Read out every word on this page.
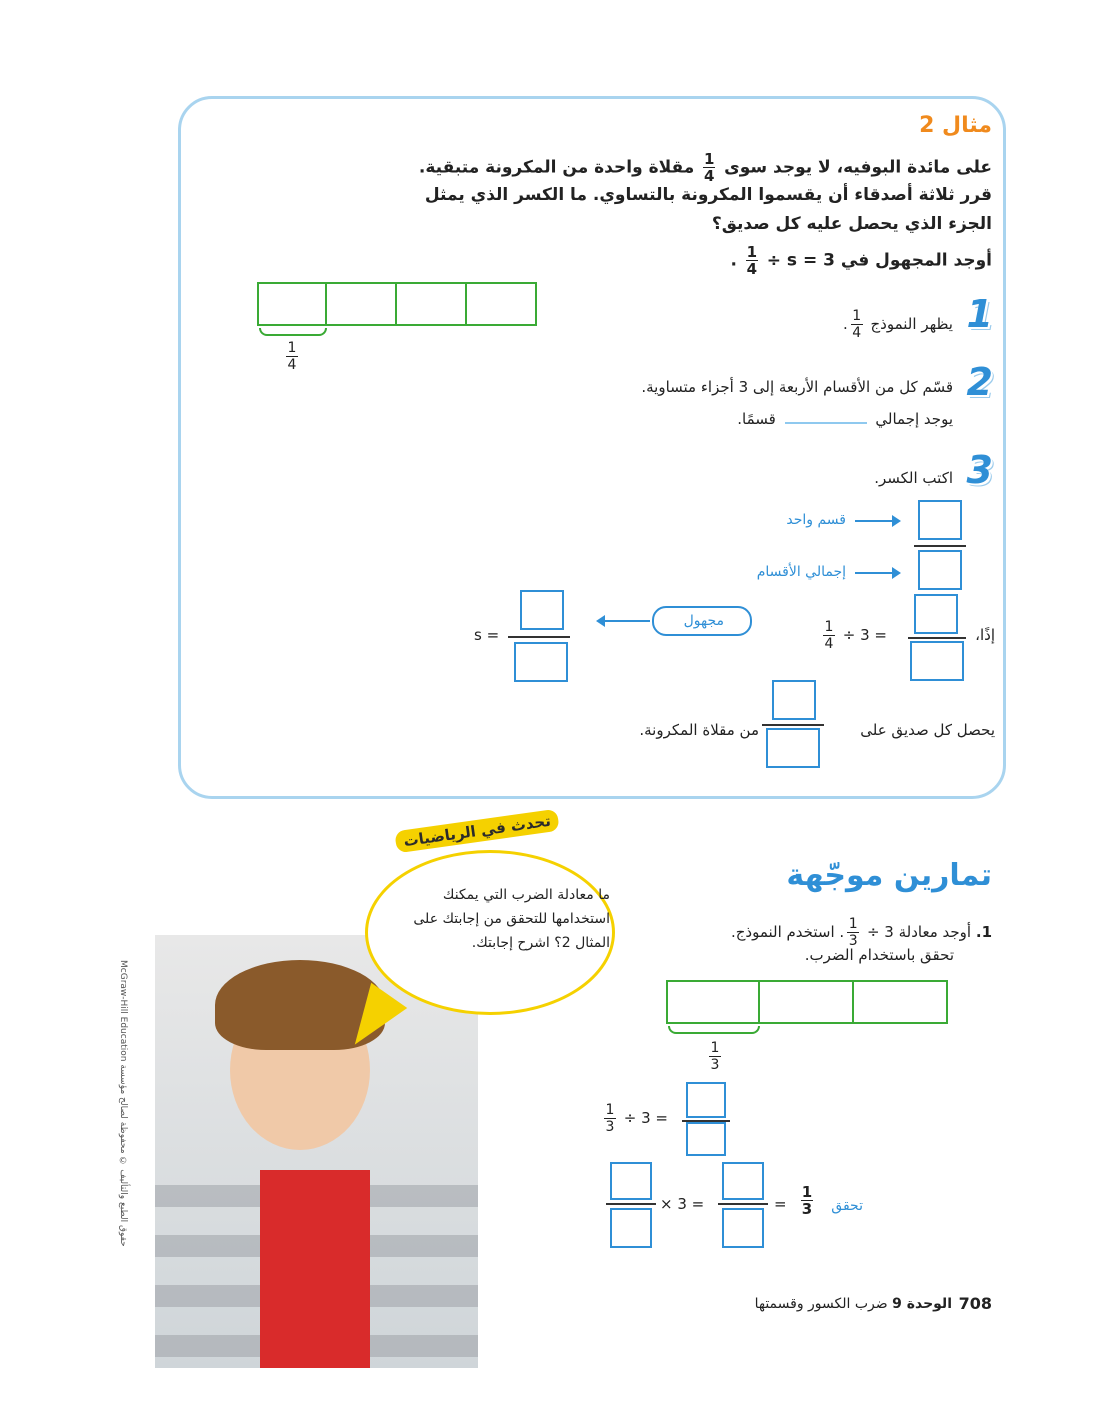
مثال 2
على مائدة البوفيه، لا يوجد سوى
$\frac{1}{4}$
مقلاة واحدة من المكرونة متبقية.
قرر ثلاثة أصدقاء أن يقسموا المكرونة بالتساوي. ما الكسر الذي يمثل
الجزء الذي يحصل عليه كل صديق؟
أوجد المجهول في s = 3 ÷
$\frac{1}{4}$
.
$\frac{1}{4}$
1
يظهر النموذج
$\frac{1}{4}$
.
2
قسّم كل من الأقسام الأربعة إلى 3 أجزاء متساوية.
يوجد إجمالي  قسمًا.
3
اكتب الكسر.
قسم واحد
إجمالي الأقسام
إذًا،
$\frac{1}{4} \div 3$ =
مجهول
s =
يحصل كل صديق على
من مقلاة المكرونة.
McGraw-Hill Education حقوق الطبع والتأليف © محفوظة لصالح مؤسسة
تحدث في الرياضيات
ما معادلة الضرب التي يمكنك استخدامها للتحقق من إجابتك على المثال 2؟ اشرح إجابتك.
تمارين موجّهة
1. أوجد معادلة 3 ÷
$\frac{1}{3}$
. استخدم النموذج.
تحقق باستخدام الضرب.
$\frac{1}{3}$
$\frac{1}{3} \div 3$ =
× 3 =	= $\frac{1}{3}$ تحقق
708
الوحدة 9 ضرب الكسور وقسمتها
